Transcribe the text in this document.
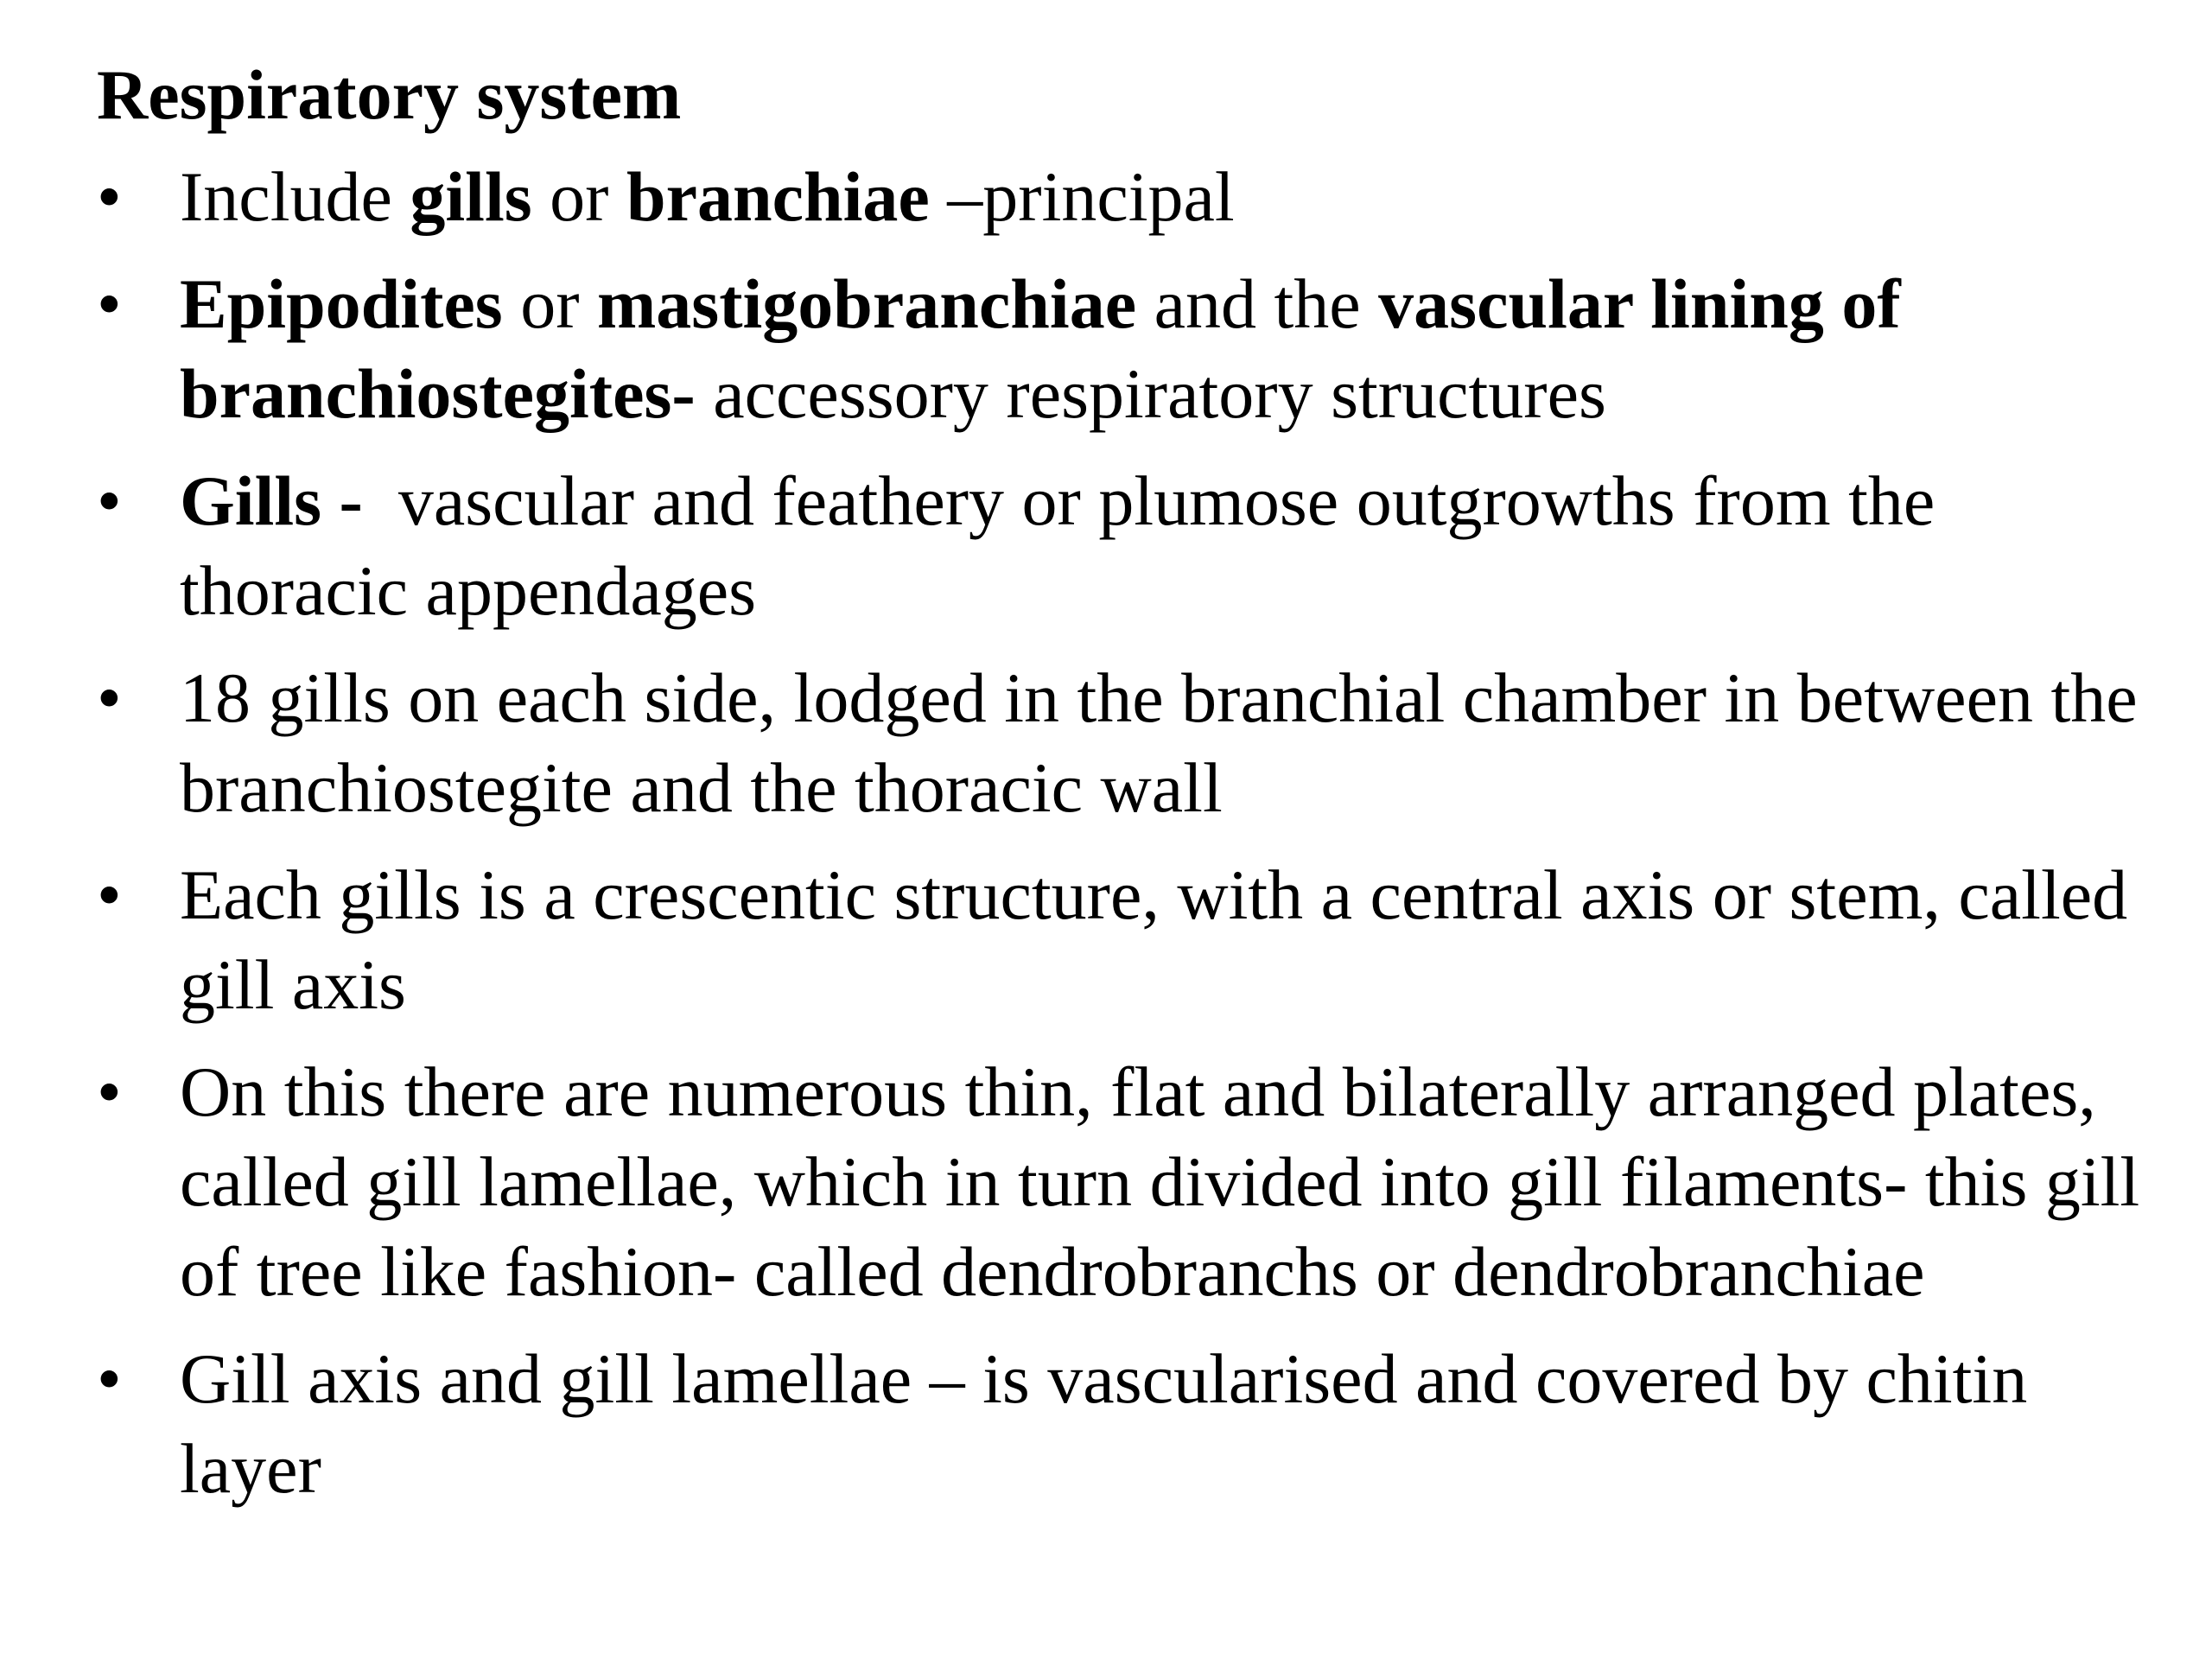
Respiratory system
• Include gills or branchiae –principal
• Epipodites or mastigobranchiae and the vascular lining of branchiostegites- accessory respiratory structures
• Gills -  vascular and feathery or plumose outgrowths from the thoracic appendages
• 18 gills on each side, lodged in the branchial chamber in between the branchiostegite and the thoracic wall
• Each gills is a crescentic structure, with a central axis or stem, called gill axis
• On this there are numerous thin, flat and bilaterally arranged plates, called gill lamellae, which in turn divided into gill filaments- this gill of tree like fashion- called dendrobranchs or dendrobranchiae
• Gill axis and gill lamellae – is vascularised and covered by chitin layer
